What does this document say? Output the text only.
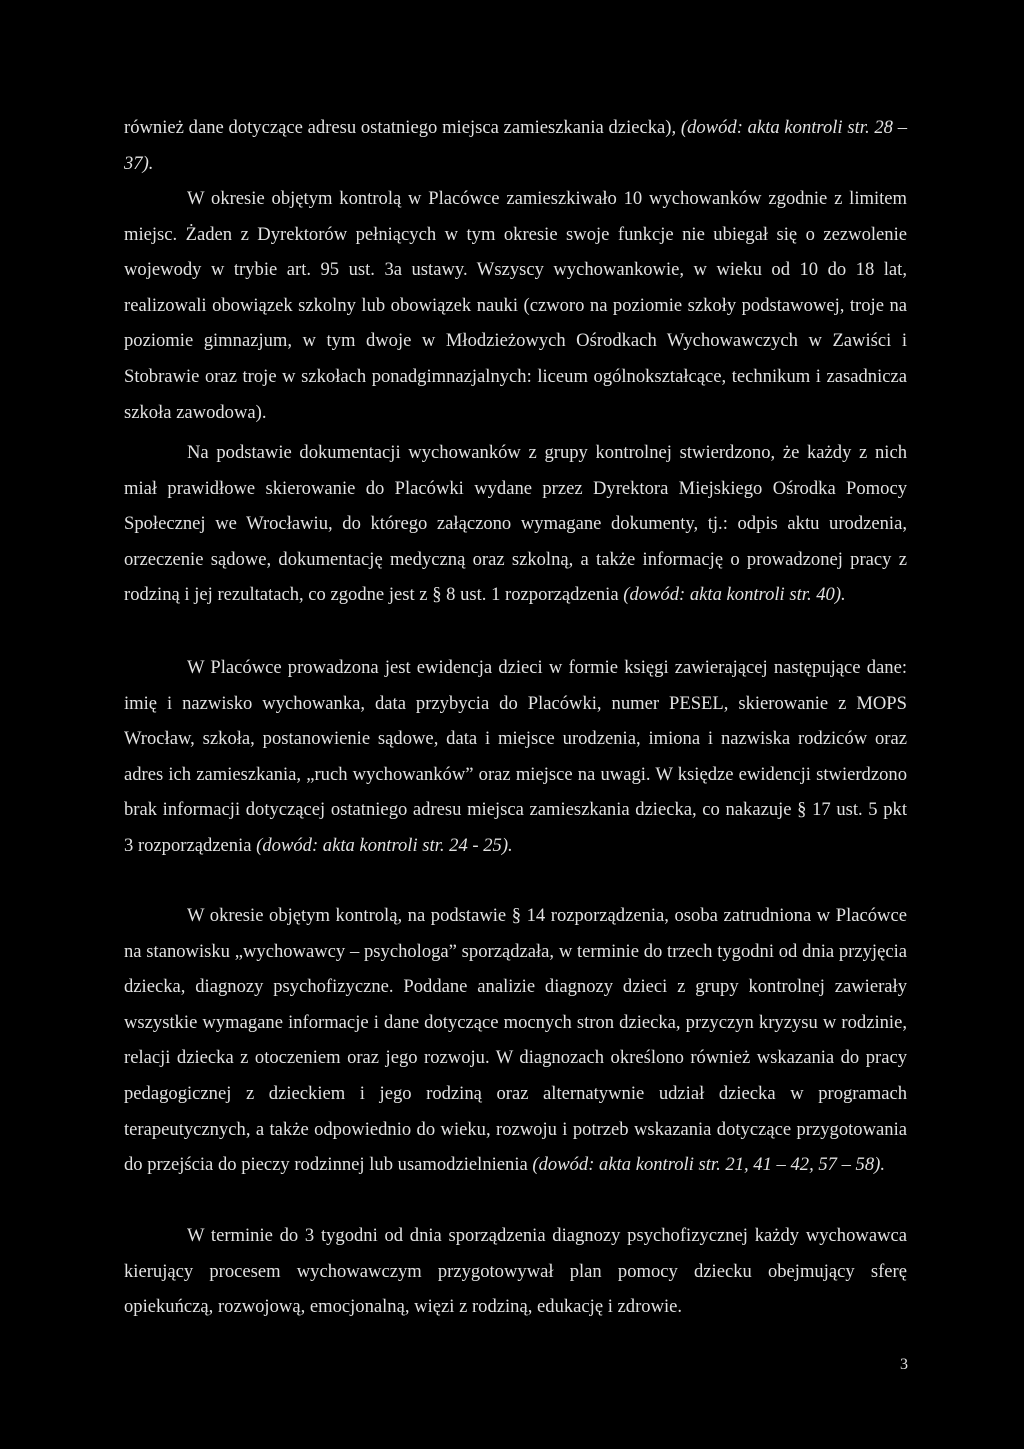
również dane dotyczące adresu ostatniego miejsca zamieszkania dziecka), (dowód: akta kontroli str. 28 – 37).

W okresie objętym kontrolą w Placówce zamieszkiwało 10 wychowanków zgodnie z limitem miejsc. Żaden z Dyrektorów pełniących w tym okresie swoje funkcje nie ubiegał się o zezwolenie wojewody w trybie art. 95 ust. 3a ustawy. Wszyscy wychowankowie, w wieku od 10 do 18 lat, realizowali obowiązek szkolny lub obowiązek nauki (czworo na poziomie szkoły podstawowej, troje na poziomie gimnazjum, w tym dwoje w Młodzieżowych Ośrodkach Wychowawczych w Zawiści i Stobrawie oraz troje w szkołach ponadgimnazjalnych: liceum ogólnokształcące, technikum i zasadnicza szkoła zawodowa).

Na podstawie dokumentacji wychowanków z grupy kontrolnej stwierdzono, że każdy z nich miał prawidłowe skierowanie do Placówki wydane przez Dyrektora Miejskiego Ośrodka Pomocy Społecznej we Wrocławiu, do którego załączono wymagane dokumenty, tj.: odpis aktu urodzenia, orzeczenie sądowe, dokumentację medyczną oraz szkolną, a także informację o prowadzonej pracy z rodziną i jej rezultatach, co zgodne jest z § 8 ust. 1 rozporządzenia (dowód: akta kontroli str. 40).

W Placówce prowadzona jest ewidencja dzieci w formie księgi zawierającej następujące dane: imię i nazwisko wychowanka, data przybycia do Placówki, numer PESEL, skierowanie z MOPS Wrocław, szkoła, postanowienie sądowe, data i miejsce urodzenia, imiona i nazwiska rodziców oraz adres ich zamieszkania, „ruch wychowanków” oraz miejsce na uwagi. W księdze ewidencji stwierdzono brak informacji dotyczącej ostatniego adresu miejsca zamieszkania dziecka, co nakazuje § 17 ust. 5 pkt 3 rozporządzenia (dowód: akta kontroli str. 24 - 25).

W okresie objętym kontrolą, na podstawie § 14 rozporządzenia, osoba zatrudniona w Placówce na stanowisku „wychowawcy – psychologa” sporządzała, w terminie do trzech tygodni od dnia przyjęcia dziecka, diagnozy psychofizyczne. Poddane analizie diagnozy dzieci z grupy kontrolnej zawierały wszystkie wymagane informacje i dane dotyczące mocnych stron dziecka, przyczyn kryzysu w rodzinie, relacji dziecka z otoczeniem oraz jego rozwoju. W diagnozach określono również wskazania do pracy pedagogicznej z dzieckiem i jego rodziną oraz alternatywnie udział dziecka w programach terapeutycznych, a także odpowiednio do wieku, rozwoju i potrzeb wskazania dotyczące przygotowania do przejścia do pieczy rodzinnej lub usamodzielnienia (dowód: akta kontroli str. 21, 41 – 42, 57 – 58).

W terminie do 3 tygodni od dnia sporządzenia diagnozy psychofizycznej każdy wychowawca kierujący procesem wychowawczym przygotowywał plan pomocy dziecku obejmujący sferę opiekuńczą, rozwojową, emocjonalną, więzi z rodziną, edukację i zdrowie.

3
